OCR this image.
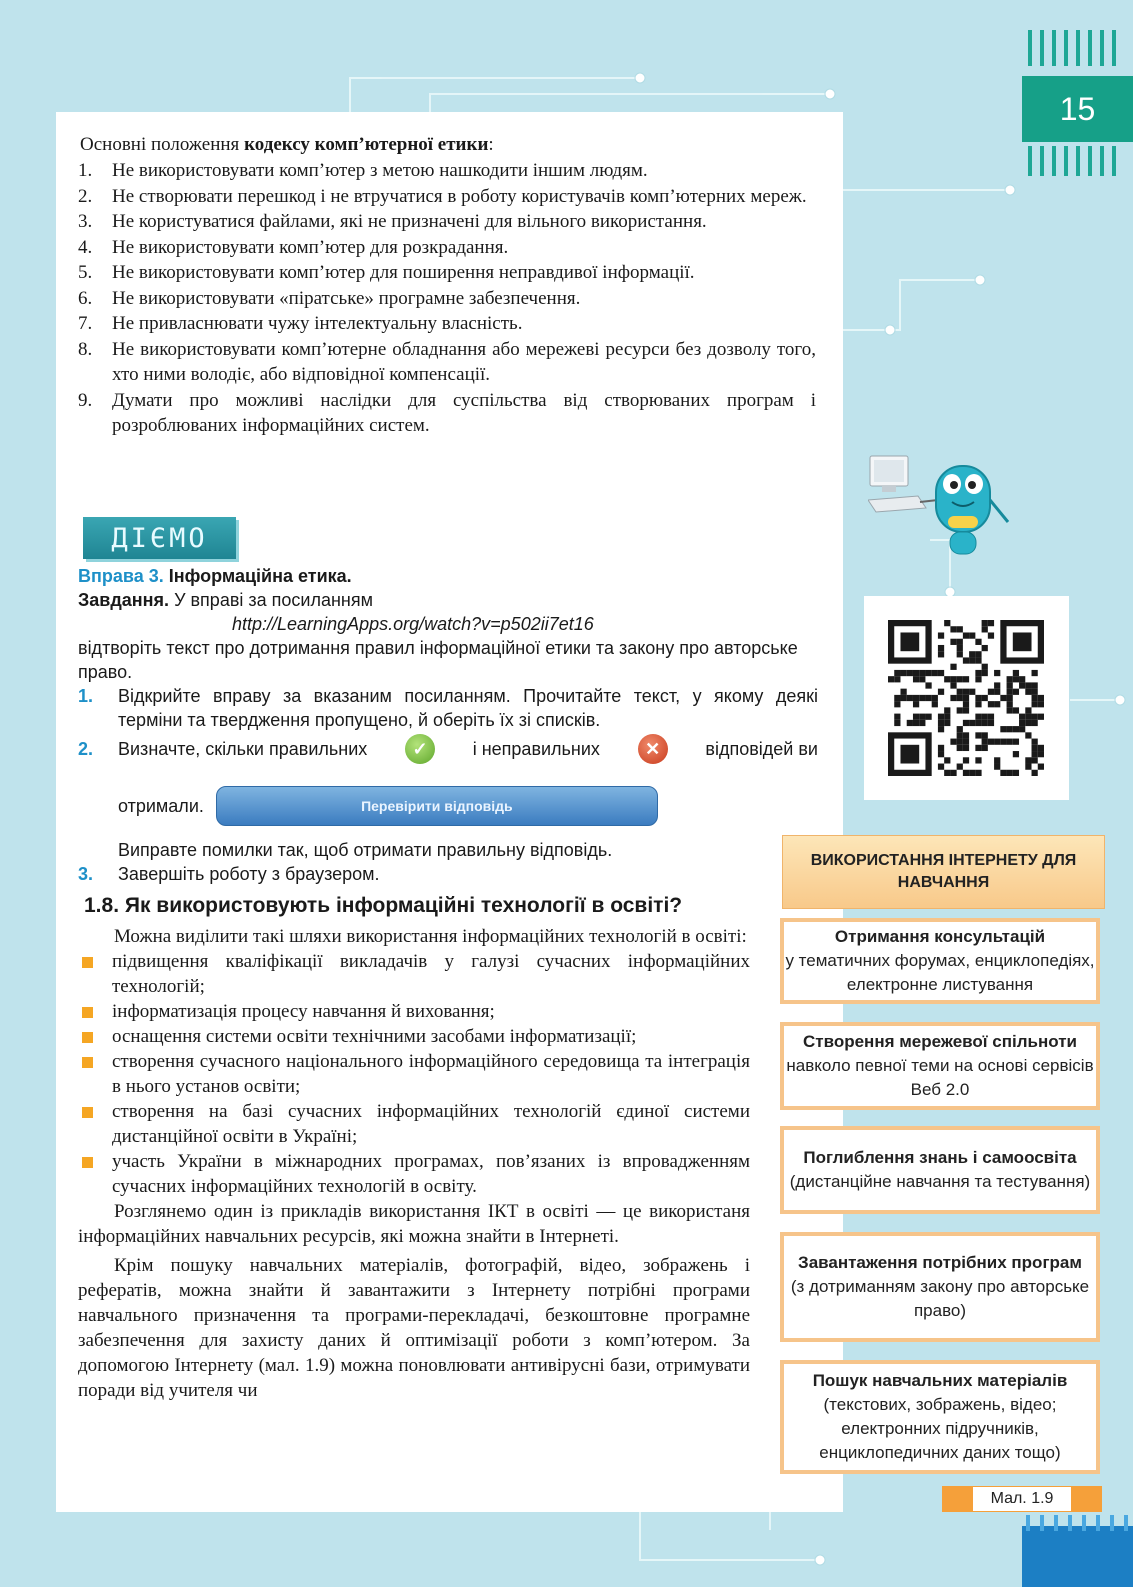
15
Основні положення кодексу комп’ютерної етики:
1.	Не використовувати комп’ютер з метою нашкодити іншим людям.
2.	Не створювати перешкод і не втручатися в роботу користувачів комп’ютерних мереж.
3.	Не користуватися файлами, які не призначені для вільного використання.
4.	Не використовувати комп’ютер для розкрадання.
5.	Не використовувати комп’ютер для поширення неправдивої інформації.
6.	Не використовувати «піратське» програмне забезпечення.
7.	Не привласнювати чужу інтелектуальну власність.
8.	Не використовувати комп’ютерне обладнання або мережеві ресурси без дозволу того, хто ними володіє, або відповідної компенсації.
9.	Думати про можливі наслідки для суспільства від створюваних програм і розроблюваних інформаційних систем.
ДІЄМО
Вправа 3. Інформаційна етика.
Завдання. У вправі за посиланням
http://LearningApps.org/watch?v=p502ii7et16
відтворіть текст про дотримання правил інформаційної етики та закону про авторське право.
1.	Відкрийте вправу за вказаним посиланням. Прочитайте текст, у якому деякі терміни та твердження пропущено, й оберіть їх зі списків.
2.	Визначте, скільки правильних	✓	і неправильних	✕	відповідей ви
отримали.	Перевірити відповідь
Виправте помилки так, щоб отримати правильну відповідь.
3.	Завершіть роботу з браузером.
1.8. Як використовують інформаційні технології в освіті?
Можна виділити такі шляхи використання інформаційних технологій в освіті:
підвищення кваліфікації викладачів у галузі сучасних інформаційних технологій;
інформатизація процесу навчання й виховання;
оснащення системи освіти технічними засобами інформатизації;
створення сучасного національного інформаційного середовища та інтеграція в нього установ освіти;
створення на базі сучасних інформаційних технологій єдиної системи дистанційної освіти в Україні;
участь України в міжнародних програмах, пов’язаних із впровадженням сучасних інформаційних технологій в освіту.
Розглянемо один із прикладів використання ІКТ в освіті — це використаня інформаційних навчальних ресурсів, які можна знайти в Інтернеті.
Крім пошуку навчальних матеріалів, фотографій, відео, зображень і рефератів, можна знайти й завантажити з Інтернету потрібні програми навчального призначення та програми-перекладачі, безкоштовне програмне забезпечення для захисту даних й оптимізації роботи з комп’ютером. За допомогою Інтернету (мал. 1.9) можна поновлювати антивірусні бази, отримувати поради від учителя чи
ВИКОРИСТАННЯ ІНТЕРНЕТУ ДЛЯ НАВЧАННЯ
Отримання консультацій
у тематичних форумах, енциклопедіях, електронне листування
Створення мережевої спільноти
навколо певної теми на основі сервісів Веб 2.0
Поглиблення знань і самоосвіта
(дистанційне навчання та тестування)
Завантаження потрібних програм
(з дотриманням закону про авторське право)
Пошук навчальних матеріалів
(текстових, зображень, відео; електронних підручників, енциклопедичних даних тощо)
Мал. 1.9
